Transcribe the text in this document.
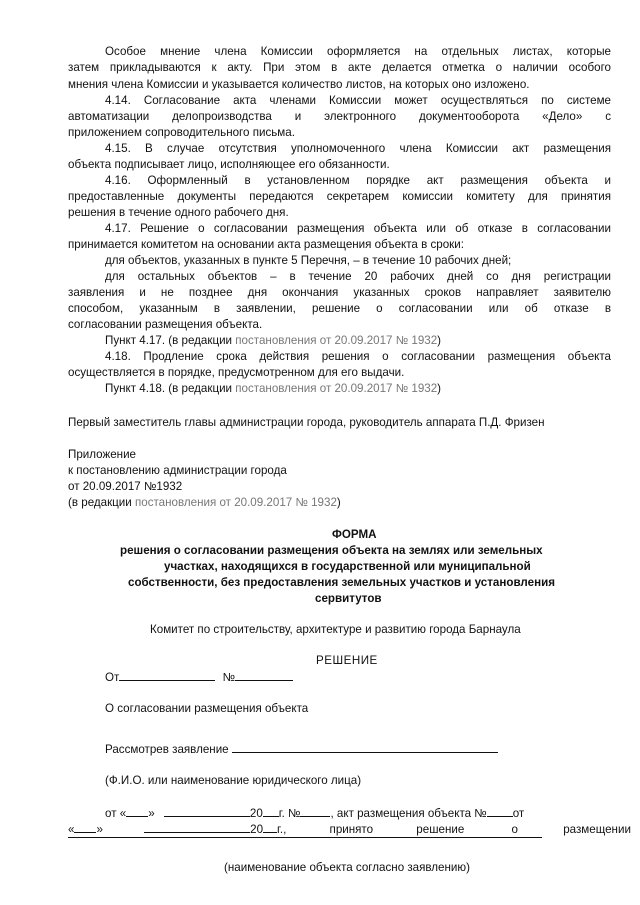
Особое мнение члена Комиссии оформляется на отдельных листах, которые
затем прикладываются к акту. При этом в акте делается отметка о наличии особого
мнения члена Комиссии и указывается количество листов, на которых оно изложено.
4.14. Согласование акта членами Комиссии может осуществляться по системе
автоматизации делопроизводства и электронного документооборота «Дело» с
приложением сопроводительного письма.
4.15. В случае отсутствия уполномоченного члена Комиссии акт размещения
объекта подписывает лицо, исполняющее его обязанности.
4.16. Оформленный в установленном порядке акт размещения объекта и
предоставленные документы передаются секретарем комиссии комитету для принятия
решения в течение одного рабочего дня.
4.17. Решение о согласовании размещения объекта или об отказе в согласовании
принимается комитетом на основании акта размещения объекта в сроки:
для объектов, указанных в пункте 5 Перечня, – в течение 10 рабочих дней;
для остальных объектов – в течение 20 рабочих дней со дня регистрации
заявления и не позднее дня окончания указанных сроков направляет заявителю
способом, указанным в заявлении, решение о согласовании или об отказе в
согласовании размещения объекта.
Пункт 4.17. (в редакции постановления от 20.09.2017 № 1932)
4.18. Продление срока действия решения о согласовании размещения объекта
осуществляется в порядке, предусмотренном для его выдачи.
Пункт 4.18. (в редакции постановления от 20.09.2017 № 1932)
Первый заместитель главы администрации города, руководитель аппарата П.Д. Фризен
Приложение
к постановлению администрации города
от 20.09.2017 №1932
(в редакции постановления от 20.09.2017 № 1932)
ФОРМА
решения о согласовании размещения объекта на землях или земельных
участках, находящихся в государственной или муниципальной
собственности, без предоставления земельных участков и установления
сервитутов
Комитет по строительству, архитектуре и развитию города Барнаула
РЕШЕНИЕ
От	№
О согласовании размещения объекта
Рассмотрев заявление
(Ф.И.О. или наименование юридического лица)
от « »	20 г. №	, акт размещения объекта № от
« »	20 г.,	принято	решение	о	размещении
(наименование объекта согласно заявлению)
